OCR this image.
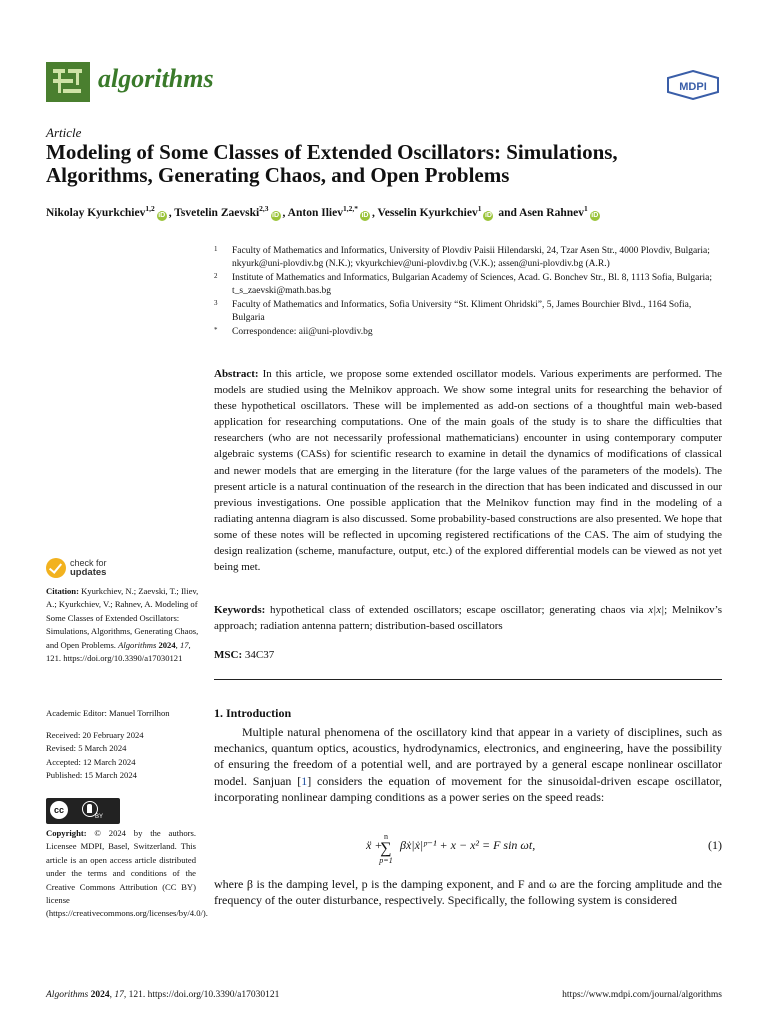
algorithms	MDPI
Article
Modeling of Some Classes of Extended Oscillators: Simulations, Algorithms, Generating Chaos, and Open Problems
Nikolay Kyurkchiev$^{1,2}$iD , Tsvetelin Zaevski$^{2,3}$iD , Anton Iliev$^{1,2,*}$iD , Vesselin Kyurkchiev$^1$iD and Asen Rahnev$^1$iD
1 Faculty of Mathematics and Informatics, University of Plovdiv Paisii Hilendarski, 24, Tzar Asen Str., 4000 Plovdiv, Bulgaria; nkyurk@uni-plovdiv.bg (N.K.); vkyurkchiev@uni-plovdiv.bg (V.K.); assen@uni-plovdiv.bg (A.R.)
2 Institute of Mathematics and Informatics, Bulgarian Academy of Sciences, Acad. G. Bonchev Str., Bl. 8, 1113 Sofia, Bulgaria; t_s_zaevski@math.bas.bg
3 Faculty of Mathematics and Informatics, Sofia University “St. Kliment Ohridski”, 5, James Bourchier Blvd., 1164 Sofia, Bulgaria
* Correspondence: aii@uni-plovdiv.bg

Abstract: In this article, we propose some extended oscillator models. Various experiments are performed. The models are studied using the Melnikov approach. We show some integral units for researching the behavior of these hypothetical oscillators. These will be implemented as add-on sections of a thoughtful main web-based application for researching computations. One of the main goals of the study is to share the difficulties that researchers (who are not necessarily professional mathematicians) encounter in using contemporary computer algebraic systems (CASs) for scientific research to examine in detail the dynamics of modifications of classical and newer models that are emerging in the literature (for the large values of the parameters of the models). The present article is a natural continuation of the research in the direction that has been indicated and discussed in our previous investigations. One possible application that the Melnikov function may find in the modeling of a radiating antenna diagram is also discussed. Some probability-based constructions are also presented. We hope that some of these notes will be reflected in upcoming registered rectifications of the CAS. The aim of studying the design realization (scheme, manufacture, output, etc.) of the explored differential models can be viewed as not yet being met.

Keywords: hypothetical class of extended oscillators; escape oscillator; generating chaos via x|x|; Melnikov’s approach; radiation antenna pattern; distribution-based oscillators

MSC: 34C37
1. Introduction

Multiple natural phenomena of the oscillatory kind that appear in a variety of disciplines, such as mechanics, quantum optics, acoustics, hydrodynamics, electronics, and engineering, have the possibility of ensuring the freedom of a potential well, and are portrayed by a general escape nonlinear oscillator model. Sanjuan [1] considers the equation of movement for the sinusoidal-driven escape oscillator, incorporating nonlinear damping conditions as a power series on the speed reads:

ẍ +
n
∑
p=1
βẋ|ẋ|ᵖ⁻¹ + x − x² = F sin ωt,	(1)

where β is the damping level, p is the damping exponent, and F and ω are the forcing amplitude and the frequency of the outer disturbance, respectively. Specifically, the following system is considered

check for
updates
Citation: Kyurkchiev, N.; Zaevski, T.; Iliev, A.; Kyurkchiev, V.; Rahnev, A. Modeling of Some Classes of Extended Oscillators: Simulations, Algorithms, Generating Chaos, and Open Problems. Algorithms 2024, 17, 121. https://doi.org/10.3390/a17030121
Academic Editor: Manuel Torrilhon
Received: 20 February 2024
Revised: 5 March 2024
Accepted: 12 March 2024
Published: 15 March 2024
cc
BY
Copyright: © 2024 by the authors. Licensee MDPI, Basel, Switzerland. This article is an open access article distributed under the terms and conditions of the Creative Commons Attribution (CC BY) license (https://creativecommons.org/licenses/by/4.0/).
Algorithms 2024, 17, 121. https://doi.org/10.3390/a17030121	https://www.mdpi.com/journal/algorithms
